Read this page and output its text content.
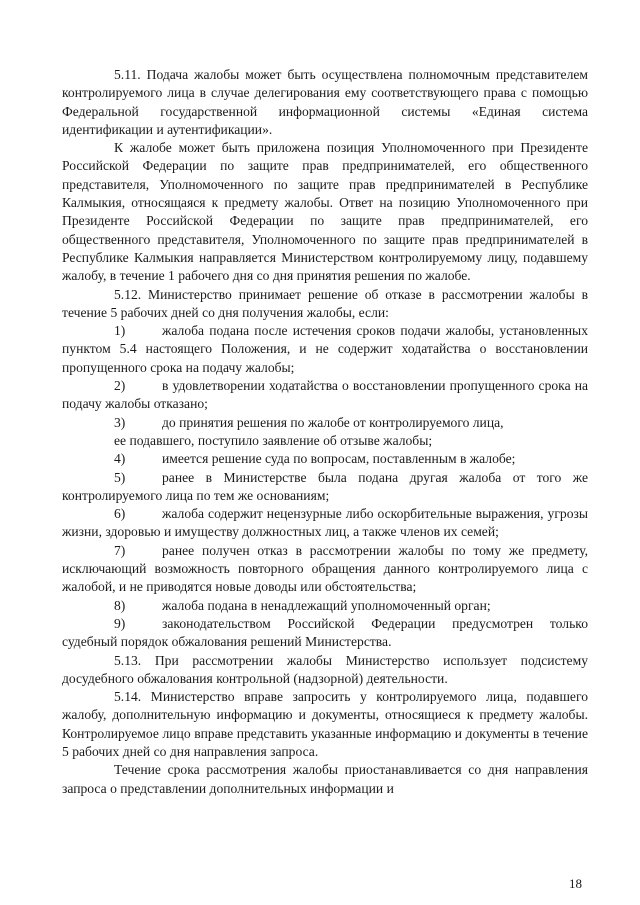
5.11. Подача жалобы может быть осуществлена полномочным представителем контролируемого лица в случае делегирования ему соответствующего права с помощью Федеральной государственной информационной системы «Единая система идентификации и аутентификации».

К жалобе может быть приложена позиция Уполномоченного при Президенте Российской Федерации по защите прав предпринимателей, его общественного представителя, Уполномоченного по защите прав предпринимателей в Республике Калмыкия, относящаяся к предмету жалобы. Ответ на позицию Уполномоченного при Президенте Российской Федерации по защите прав предпринимателей, его общественного представителя, Уполномоченного по защите прав предпринимателей в Республике Калмыкия направляется Министерством контролируемому лицу, подавшему жалобу, в течение 1 рабочего дня со дня принятия решения по жалобе.

5.12. Министерство принимает решение об отказе в рассмотрении жалобы в течение 5 рабочих дней со дня получения жалобы, если:

1)	жалоба подана после истечения сроков подачи жалобы, установленных пунктом 5.4 настоящего Положения, и не содержит ходатайства о восстановлении пропущенного срока на подачу жалобы;

2)	в удовлетворении ходатайства о восстановлении пропущенного срока на подачу жалобы отказано;

3)	до принятия решения по жалобе от контролируемого лица,

ее подавшего, поступило заявление об отзыве жалобы;

4)	имеется решение суда по вопросам, поставленным в жалобе;

5)	ранее в Министерстве была подана другая жалоба от того же контролируемого лица по тем же основаниям;

6)	жалоба содержит нецензурные либо оскорбительные выражения, угрозы жизни, здоровью и имуществу должностных лиц, а также членов их семей;

7)	ранее получен отказ в рассмотрении жалобы по тому же предмету, исключающий возможность повторного обращения данного контролируемого лица с жалобой, и не приводятся новые доводы или обстоятельства;

8)	жалоба подана в ненадлежащий уполномоченный орган;

9)	законодательством Российской Федерации предусмотрен только судебный порядок обжалования решений Министерства.

5.13. При рассмотрении жалобы Министерство использует подсистему досудебного обжалования контрольной (надзорной) деятельности.

5.14. Министерство вправе запросить у контролируемого лица, подавшего жалобу, дополнительную информацию и документы, относящиеся к предмету жалобы. Контролируемое лицо вправе представить указанные информацию и документы в течение 5 рабочих дней со дня направления запроса.

Течение срока рассмотрения жалобы приостанавливается со дня направления запроса о представлении дополнительных информации и

18
